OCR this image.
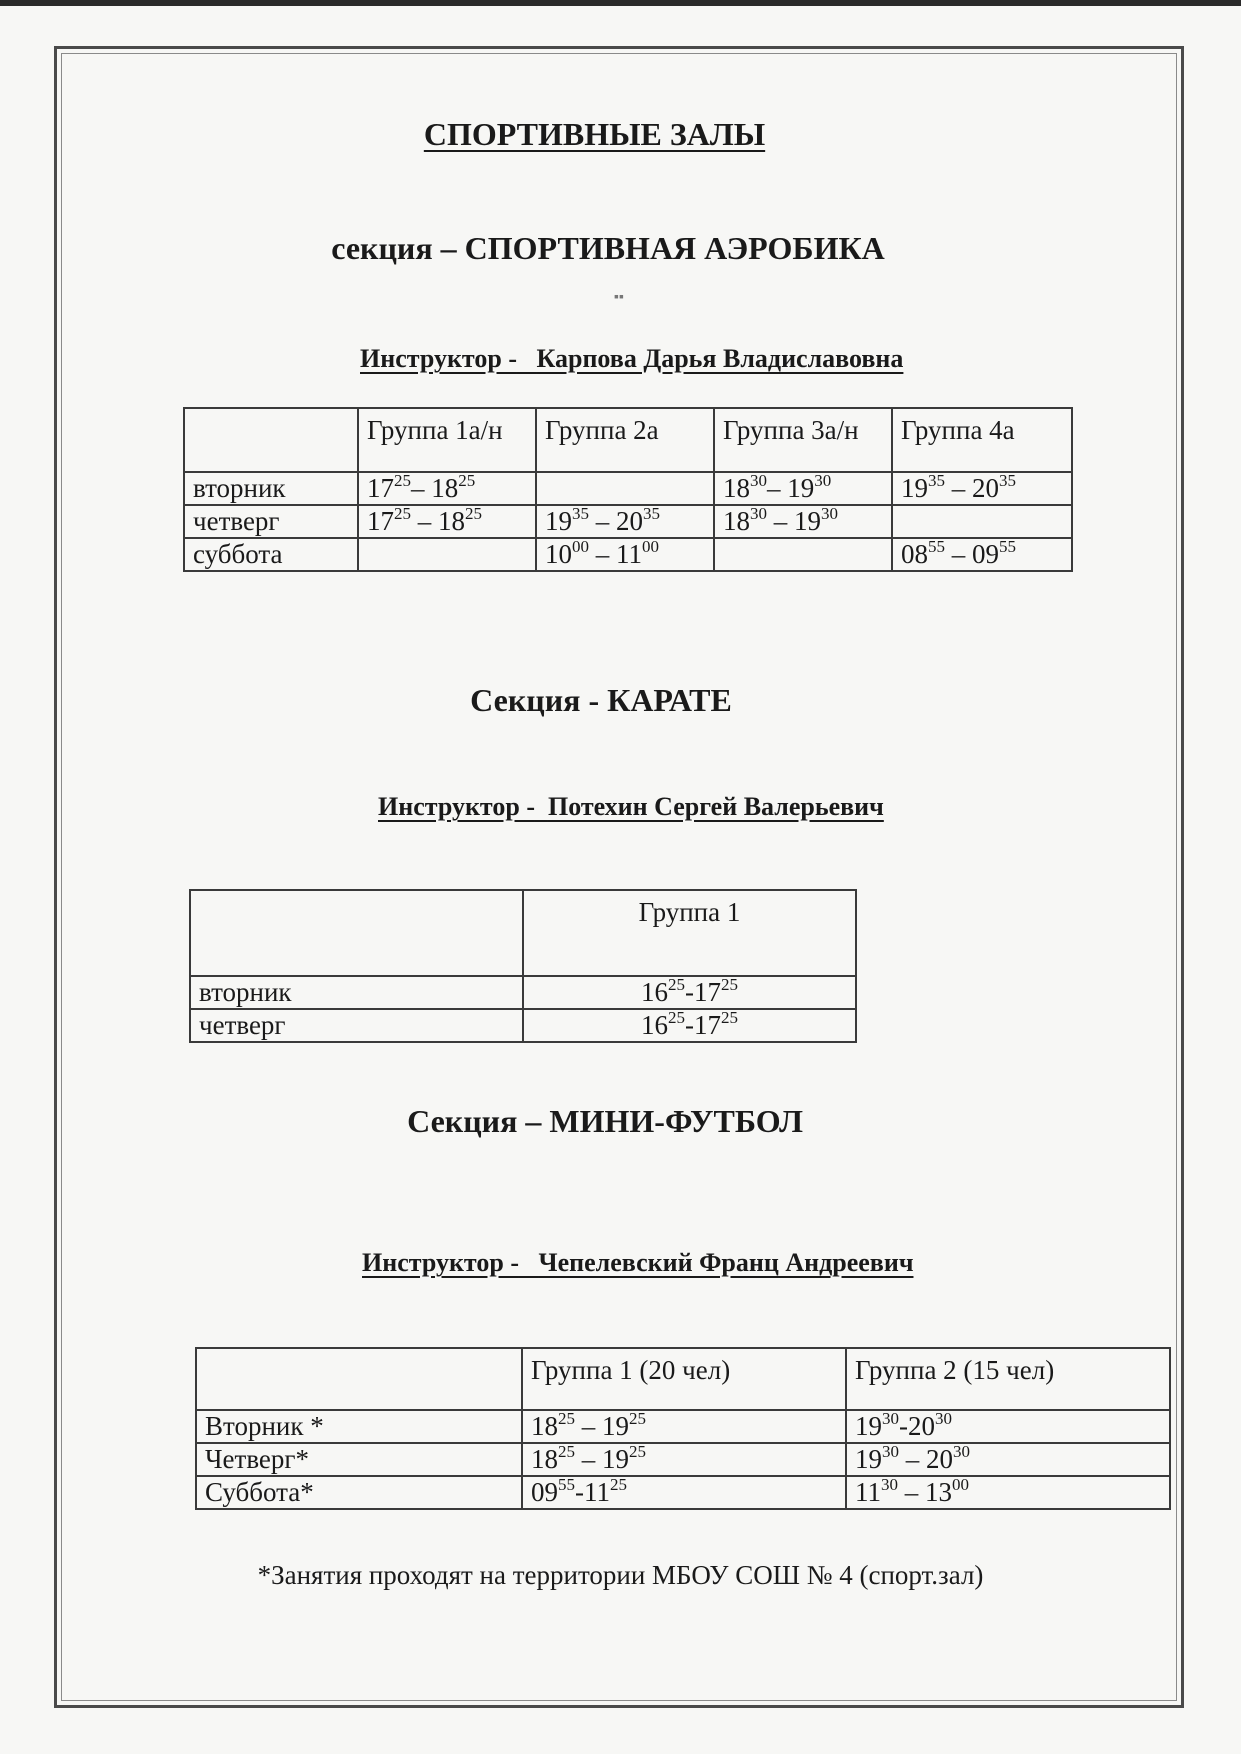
СПОРТИВНЫЕ ЗАЛЫ
секция – СПОРТИВНАЯ АЭРОБИКА
▪▪
Инструктор - Карпова Дарья Владиславовна
	Группа 1а/н	Группа 2а	Группа 3а/н	Группа 4а
вторник	$17^{25}-$ $18^{25}$		$18^{30}-$ $19^{30}$	$19^{35} - 20^{35}$
четверг	$17^{25} - 18^{25}$	$19^{35} - 20^{35}$	$18^{30} - 19^{30}$	
суббота		$10^{00} - 11^{00}$		$08^{55} - 09^{55}$
Секция - КАРАТЕ
Инструктор - Потехин Сергей Валерьевич
	Группа 1
вторник	$16^{25}-17^{25}$
четверг	$16^{25}-17^{25}$
Секция – МИНИ-ФУТБОЛ
Инструктор - Чепелевский Франц Андреевич
	Группа 1 (20 чел)	Группа 2 (15 чел)
Вторник *	$18^{25} - 19^{25}$	$19^{30}-20^{30}$
Четверг*	$18^{25} - 19^{25}$	$19^{30} - 20^{30}$
Суббота*	$09^{55}-11^{25}$	$11^{30} - 13^{00}$
*Занятия проходят на территории МБОУ СОШ № 4 (спорт.зал)
